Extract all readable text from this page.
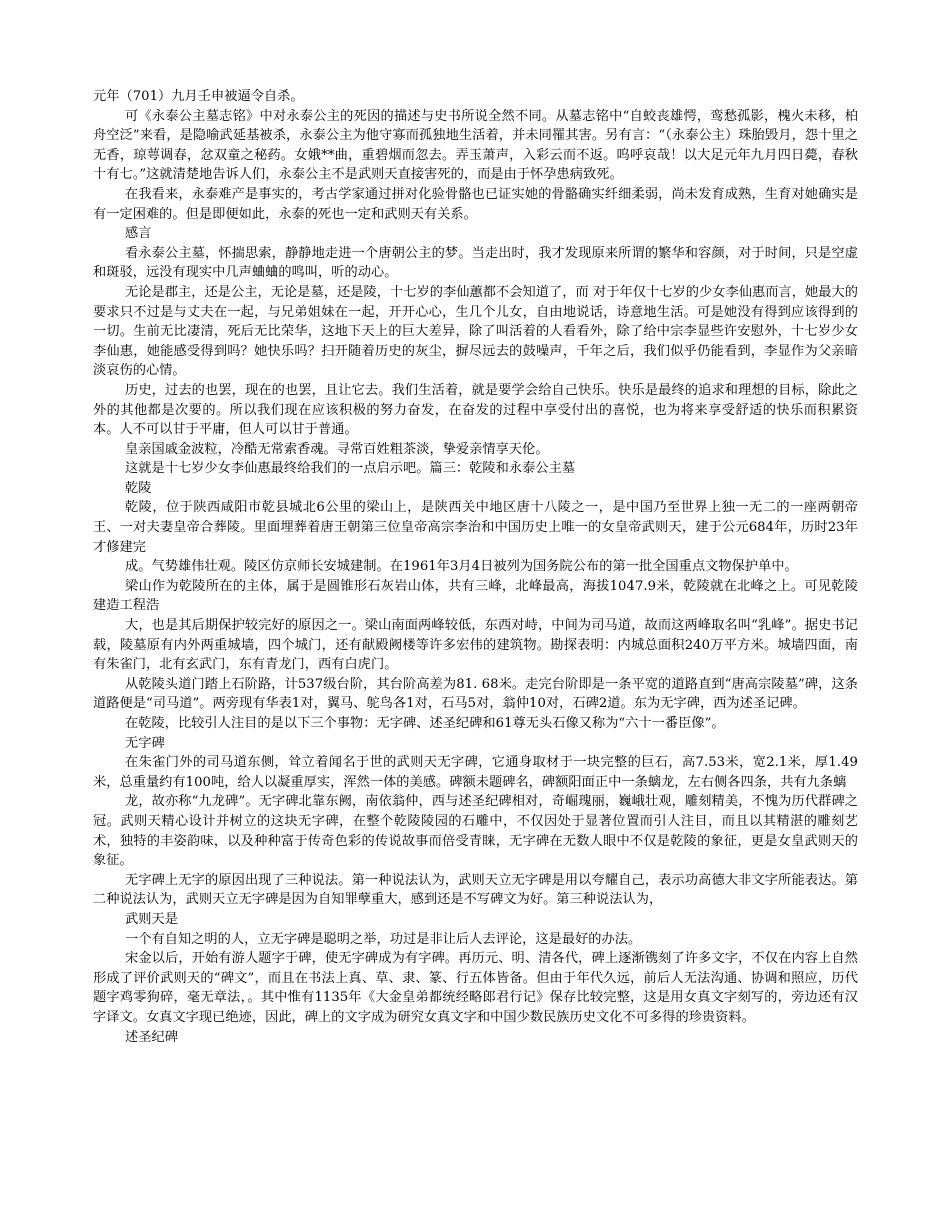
元年（701）九月壬申被逼令自杀。

可《永泰公主墓志铭》中对永泰公主的死因的描述与史书所说全然不同。从墓志铭中“自蛟丧雄愕，鸾愁孤影，槐火未移，柏舟空泛”来看，是隐喻武延基被杀，永泰公主为他守寡而孤独地生活着，并未同罹其害。另有言：“（永泰公主）珠胎毁月，怨十里之无香，琼萼调春，忿双童之秘药。女娥**曲，重碧烟而忽去。弄玉萧声，入彩云而不返。呜呼哀哉！以大足元年九月四日薨，春秋十有七。”这就清楚地告诉人们，永泰公主不是武则天直接害死的，而是由于怀孕患病致死。

在我看来，永泰难产是事实的，考古学家通过拼对化验骨骼也已证实她的骨骼确实纤细柔弱，尚未发育成熟，生育对她确实是有一定困难的。但是即便如此，永泰的死也一定和武则天有关系。

感言

看永泰公主墓，怀揣思索，静静地走进一个唐朝公主的梦。当走出时，我才发现原来所谓的繁华和容颜，对于时间，只是空虚和斑驳，远没有现实中几声蛐蛐的鸣叫，听的动心。

无论是郡主，还是公主，无论是墓，还是陵，十七岁的李仙蕙都不会知道了，而 对于年仅十七岁的少女李仙惠而言，她最大的要求只不过是与丈夫在一起，与兄弟姐妹在一起，开开心心，生几个儿女，自由地说话，诗意地生活。可是她没有得到应该得到的一切。生前无比凄清，死后无比荣华，这地下天上的巨大差异，除了叫活着的人看看外，除了给中宗李显些许安慰外，十七岁少女李仙惠，她能感受得到吗？她快乐吗？扫开随着历史的灰尘，摒尽远去的鼓噪声，千年之后，我们似乎仍能看到，李显作为父亲暗淡哀伤的心情。

历史，过去的也罢，现在的也罢，且让它去。我们生活着，就是要学会给自己快乐。快乐是最终的追求和理想的目标，除此之外的其他都是次要的。所以我们现在应该积极的努力奋发，在奋发的过程中享受付出的喜悦，也为将来享受舒适的快乐而积累资本。人不可以甘于平庸，但人可以甘于普通。

皇亲国戚金波粒，冷酷无常索香魂。寻常百姓粗茶淡，挚爱亲情享天伦。

这就是十七岁少女李仙惠最终给我们的一点启示吧。篇三：乾陵和永泰公主墓

乾陵

乾陵，位于陕西咸阳市乾县城北6公里的梁山上，是陕西关中地区唐十八陵之一，是中国乃至世界上独一无二的一座两朝帝王、一对夫妻皇帝合葬陵。里面埋葬着唐王朝第三位皇帝高宗李治和中国历史上唯一的女皇帝武则天，建于公元684年，历时23年才修建完

成。气势雄伟壮观。陵区仿京师长安城建制。在1961年3月4日被列为国务院公布的第一批全国重点文物保护单中。

梁山作为乾陵所在的主体，属于是圆锥形石灰岩山体，共有三峰，北峰最高，海拔1047.9米，乾陵就在北峰之上。可见乾陵建造工程浩

大，也是其后期保护较完好的原因之一。梁山南面两峰较低，东西对峙，中间为司马道，故而这两峰取名叫“乳峰”。据史书记载，陵墓原有内外两重城墙，四个城门，还有献殿阙楼等许多宏伟的建筑物。勘探表明：内城总面积240万平方米。城墙四面，南有朱雀门，北有玄武门，东有青龙门，西有白虎门。

从乾陵头道门踏上石阶路，计537级台阶，其台阶高差为81. 68米。走完台阶即是一条平宽的道路直到“唐高宗陵墓”碑，这条道路便是“司马道”。两旁现有华表1对，翼马、鸵鸟各1对，石马5对，翁仲10对，石碑2道。东为无字碑，西为述圣记碑。

在乾陵，比较引人注目的是以下三个事物：无字碑、述圣纪碑和61尊无头石像又称为“六十一番臣像”。

无字碑

在朱雀门外的司马道东侧，耸立着闻名于世的武则天无字碑，它通身取材于一块完整的巨石，高7.53米，宽2.1米，厚1.49米，总重量约有100吨，给人以凝重厚实，浑然一体的美感。碑额未题碑名，碑额阳面正中一条螭龙，左右侧各四条，共有九条螭

龙，故亦称“九龙碑”。无字碑北靠东阙，南依翁仲，西与述圣纪碑相对，奇崛瑰丽，巍峨壮观，雕刻精美，不愧为历代群碑之冠。武则天精心设计并树立的这块无字碑，在整个乾陵陵园的石雕中，不仅因处于显著位置而引人注目，而且以其精湛的雕刻艺术，独特的丰姿韵味，以及种种富于传奇色彩的传说故事而倍受青睐，无字碑在无数人眼中不仅是乾陵的象征，更是女皇武则天的象征。

无字碑上无字的原因出现了三种说法。第一种说法认为，武则天立无字碑是用以夸耀自己，表示功高德大非文字所能表达。第二种说法认为，武则天立无字碑是因为自知罪孽重大，感到还是不写碑文为好。第三种说法认为，

武则天是

一个有自知之明的人，立无字碑是聪明之举，功过是非让后人去评论，这是最好的办法。

宋金以后，开始有游人题字于碑，使无字碑成为有字碑。再历元、明、清各代，碑上逐渐镌刻了许多文字，不仅在内容上自然形成了评价武则天的“碑文”，而且在书法上真、草、隶、篆、行五体皆备。但由于年代久远，前后人无法沟通、协调和照应，历代题字鸡零狗碎，毫无章法，。其中惟有1135年《大金皇弟都统经略郎君行记》保存比较完整，这是用女真文字刻写的，旁边还有汉字译文。女真文字现已绝迹，因此，碑上的文字成为研究女真文字和中国少数民族历史文化不可多得的珍贵资料。

述圣纪碑
